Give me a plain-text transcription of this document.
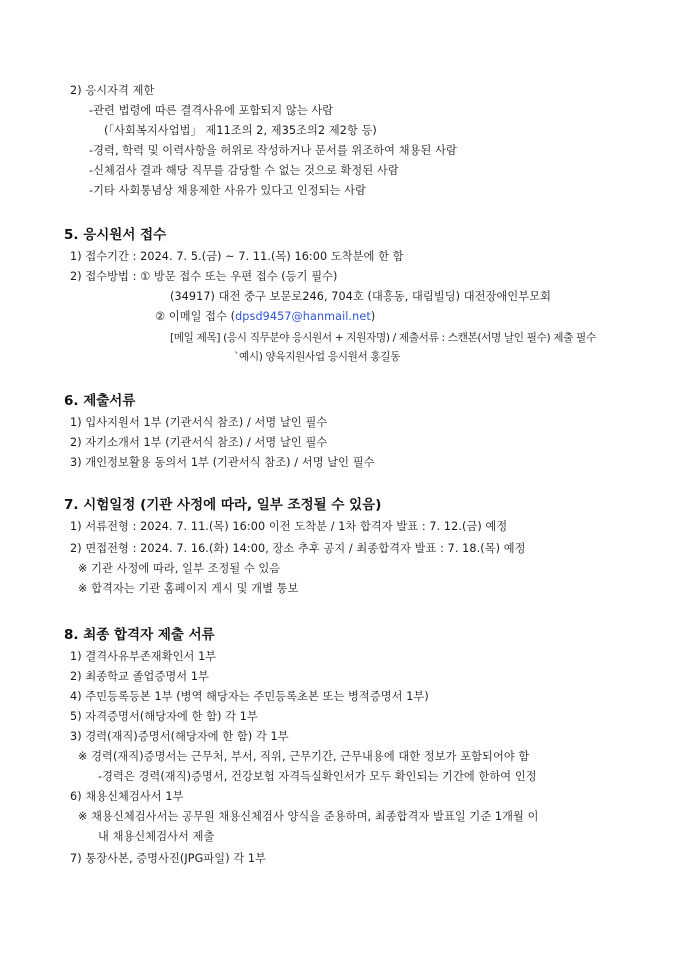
2) 응시자격 제한
-관련 법령에 따른 결격사유에 포함되지 않는 사람
(「사회복지사업법」 제11조의 2, 제35조의2 제2항 등)
-경력, 학력 및 이력사항을 허위로 작성하거나 문서를 위조하여 채용된 사람
-신체검사 결과 해당 직무를 감당할 수 없는 것으로 확정된 사람
-기타 사회통념상 채용제한 사유가 있다고 인정되는 사람
5. 응시원서 접수
1) 접수기간 : 2024. 7. 5.(금) ~ 7. 11.(목) 16:00 도착분에 한 함
2) 접수방법 : ① 방문 접수 또는 우편 접수 (등기 필수)
(34917) 대전 중구 보문로246, 704호 (대흥동, 대림빌딩) 대전장애인부모회
② 이메일 접수 (dpsd9457@hanmail.net)
[메일 제목] (응시 직무분야 응시원서 + 지원자명) / 제출서류 : 스캔본(서명 날인 필수) 제출 필수
`예시) 양육지원사업 응시원서 홍길동
6. 제출서류
1) 입사지원서 1부 (기관서식 참조) / 서명 날인 필수
2) 자기소개서 1부 (기관서식 참조) / 서명 날인 필수
3) 개인정보활용 동의서 1부 (기관서식 참조) / 서명 날인 필수
7. 시험일정 (기관 사정에 따라, 일부 조정될 수 있음)
1) 서류전형 : 2024. 7. 11.(목) 16:00 이전 도착분 / 1차 합격자 발표 : 7. 12.(금) 예정
2) 면접전형 : 2024. 7. 16.(화) 14:00, 장소 추후 공지 / 최종합격자 발표 : 7. 18.(목) 예정
※ 기관 사정에 따라, 일부 조정될 수 있음
※ 합격자는 기관 홈페이지 게시 및 개별 통보
8. 최종 합격자 제출 서류
1) 결격사유부존재확인서 1부
2) 최종학교 졸업증명서 1부
4) 주민등록등본 1부 (병역 해당자는 주민등록초본 또는 병적증명서 1부)
5) 자격증명서(해당자에 한 함) 각 1부
3) 경력(재직)증명서(해당자에 한 함) 각 1부
※ 경력(재직)증명서는 근무처, 부서, 직위, 근무기간, 근무내용에 대한 정보가 포함되어야 함
-경력은 경력(재직)증명서, 건강보험 자격득실확인서가 모두 확인되는 기간에 한하여 인정
6) 채용신체검사서 1부
※ 채용신체검사서는 공무원 채용신체검사 양식을 준용하며, 최종합격자 발표일 기준 1개월 이
내 채용신체검사서 제출
7) 통장사본, 증명사진(JPG파일) 각 1부
